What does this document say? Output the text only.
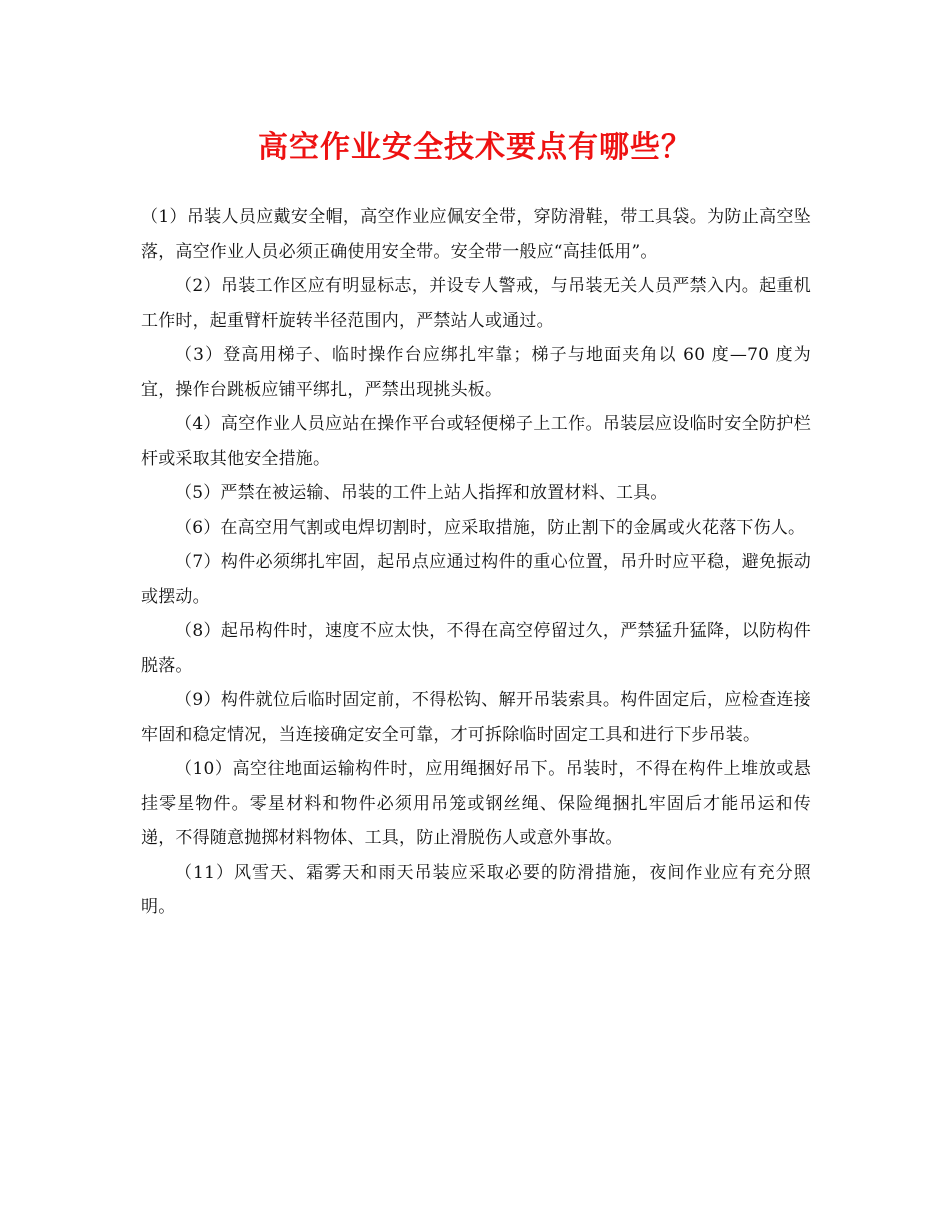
高空作业安全技术要点有哪些？

（1）吊装人员应戴安全帽，高空作业应佩安全带，穿防滑鞋，带工具袋。为防止高空坠落，高空作业人员必须正确使用安全带。安全带一般应“高挂低用”。

（2）吊装工作区应有明显标志，并设专人警戒，与吊装无关人员严禁入内。起重机工作时，起重臂杆旋转半径范围内，严禁站人或通过。

（3）登高用梯子、临时操作台应绑扎牢靠；梯子与地面夹角以 60 度—70 度为宜，操作台跳板应铺平绑扎，严禁出现挑头板。

（4）高空作业人员应站在操作平台或轻便梯子上工作。吊装层应设临时安全防护栏杆或采取其他安全措施。

（5）严禁在被运输、吊装的工件上站人指挥和放置材料、工具。

（6）在高空用气割或电焊切割时，应采取措施，防止割下的金属或火花落下伤人。

（7）构件必须绑扎牢固，起吊点应通过构件的重心位置，吊升时应平稳，避免振动或摆动。

（8）起吊构件时，速度不应太快，不得在高空停留过久，严禁猛升猛降，以防构件脱落。

（9）构件就位后临时固定前，不得松钩、解开吊装索具。构件固定后，应检查连接牢固和稳定情况，当连接确定安全可靠，才可拆除临时固定工具和进行下步吊装。

（10）高空往地面运输构件时，应用绳捆好吊下。吊装时，不得在构件上堆放或悬挂零星物件。零星材料和物件必须用吊笼或钢丝绳、保险绳捆扎牢固后才能吊运和传递，不得随意抛掷材料物体、工具，防止滑脱伤人或意外事故。

（11）风雪天、霜雾天和雨天吊装应采取必要的防滑措施，夜间作业应有充分照明。
